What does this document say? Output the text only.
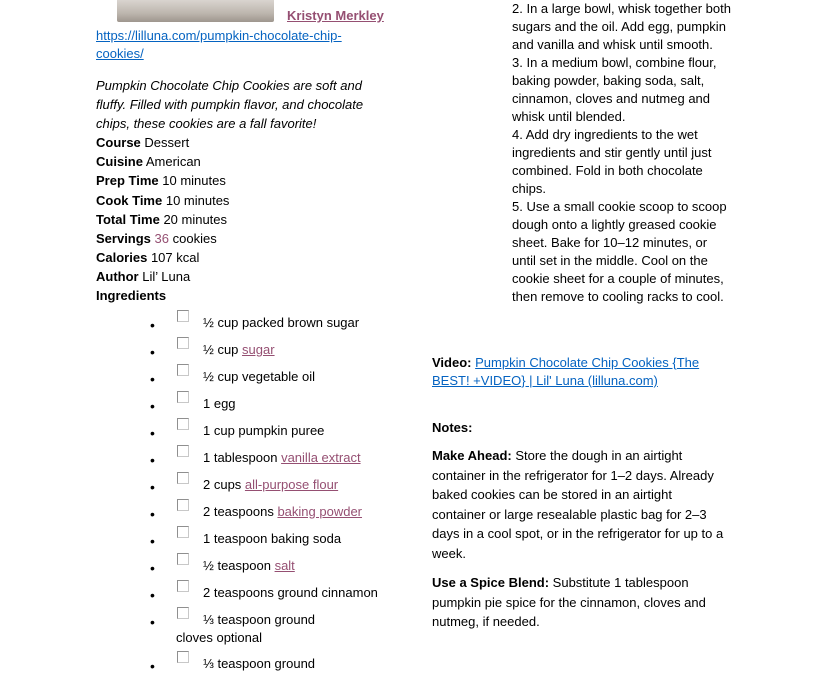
Kristyn Merkley
https://lilluna.com/pumpkin-chocolate-chip-
cookies/
Pumpkin Chocolate Chip Cookies are soft and fluffy. Filled with pumpkin flavor, and chocolate chips, these cookies are a fall favorite!
Course Dessert
Cuisine American
Prep Time 10 minutes
Cook Time 10 minutes
Total Time 20 minutes
Servings 36 cookies
Calories 107 kcal
Author Lil’ Luna
Ingredients
•	½ cup packed brown sugar
•	½ cup sugar
•	½ cup vegetable oil
•	1 egg
•	1 cup pumpkin puree
•	1 tablespoon vanilla extract
•	2 cups all-purpose flour
•	2 teaspoons baking powder
•	1 teaspoon baking soda
•	½ teaspoon salt
•	2 teaspoons ground cinnamon
•	⅓ teaspoon ground
cloves optional
•	⅓ teaspoon ground

2. In a large bowl, whisk together both sugars and the oil. Add egg, pumpkin and vanilla and whisk until smooth.

3. In a medium bowl, combine flour, baking powder, baking soda, salt, cinnamon, cloves and nutmeg and whisk until blended.

4. Add dry ingredients to the wet ingredients and stir gently until just combined. Fold in both chocolate chips.

5. Use a small cookie scoop to scoop dough onto a lightly greased cookie sheet. Bake for 10–12 minutes, or until set in the middle. Cool on the cookie sheet for a couple of minutes, then remove to cooling racks to cool.

Video: Pumpkin Chocolate Chip Cookies {The BEST! +VIDEO} | Lil' Luna (lilluna.com)
Notes:
Make Ahead: Store the dough in an airtight container in the refrigerator for 1–2 days. Already baked cookies can be stored in an airtight container or large resealable plastic bag for 2–3 days in a cool spot, or in the refrigerator for up to a week.
Use a Spice Blend: Substitute 1 tablespoon pumpkin pie spice for the cinnamon, cloves and nutmeg, if needed.
